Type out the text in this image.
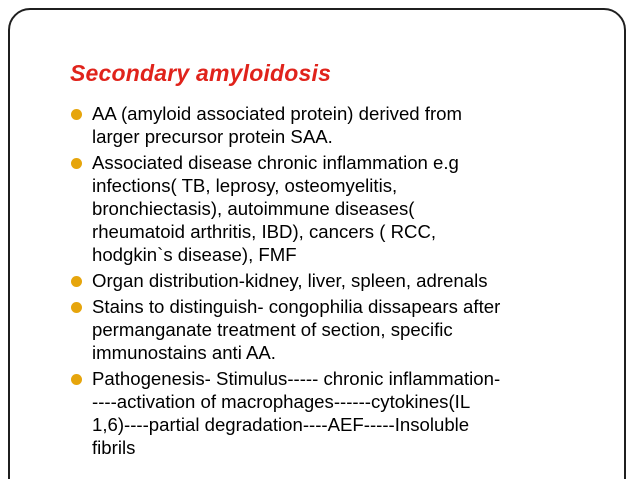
Secondary amyloidosis
AA (amyloid associated protein) derived from
larger precursor protein SAA.
Associated disease chronic inflammation e.g
infections( TB, leprosy, osteomyelitis,
bronchiectasis), autoimmune diseases(
rheumatoid arthritis, IBD), cancers ( RCC,
hodgkin`s disease), FMF
Organ distribution-kidney, liver, spleen, adrenals
Stains to distinguish- congophilia dissapears after
permanganate treatment of section, specific
immunostains anti AA.
Pathogenesis- Stimulus----- chronic inflammation-
----activation of macrophages------cytokines(IL
1,6)----partial degradation----AEF-----Insoluble
fibrils
